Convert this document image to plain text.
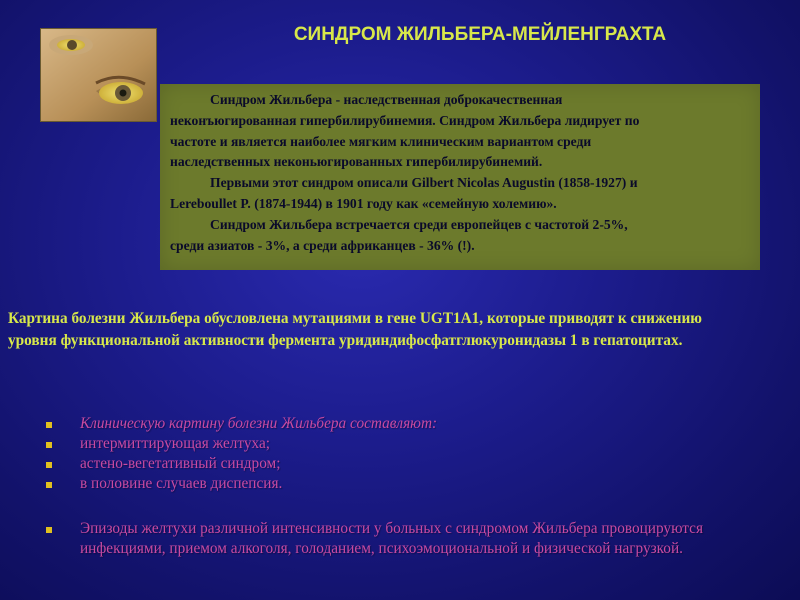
СИНДРОМ ЖИЛЬБЕРА-МЕЙЛЕНГРАХТА

Синдром Жильбера - наследственная доброкачественная

неконъюгированная гипербилирубинемия. Синдром Жильбера лидирует по

частоте и является наиболее мягким клиническим вариантом среди

наследственных неконьюгированных гипербилирубинемий.

Первыми этот синдром описали Gilbert Nicolas Augustin (1858-1927) и

Lereboullet P. (1874-1944) в 1901 году как «семейную холемию».

Синдром Жильбера встречается среди европейцев с частотой 2-5%,

среди азиатов - 3%, а среди африканцев - 36% (!).

Картина болезни Жильбера обусловлена мутациями в гене UGT1A1, которые приводят к снижению уровня функциональной активности фермента уридиндифосфатглюкуронидазы 1 в гепатоцитах.

Клиническую картину болезни Жильбера составляют:

интермиттирующая желтуха;

астено-вегетативный синдром;

в половине случаев диспепсия.

Эпизоды желтухи различной интенсивности у больных с синдромом Жильбера провоцируются инфекциями, приемом алкоголя, голоданием, психоэмоциональной и физической нагрузкой.
